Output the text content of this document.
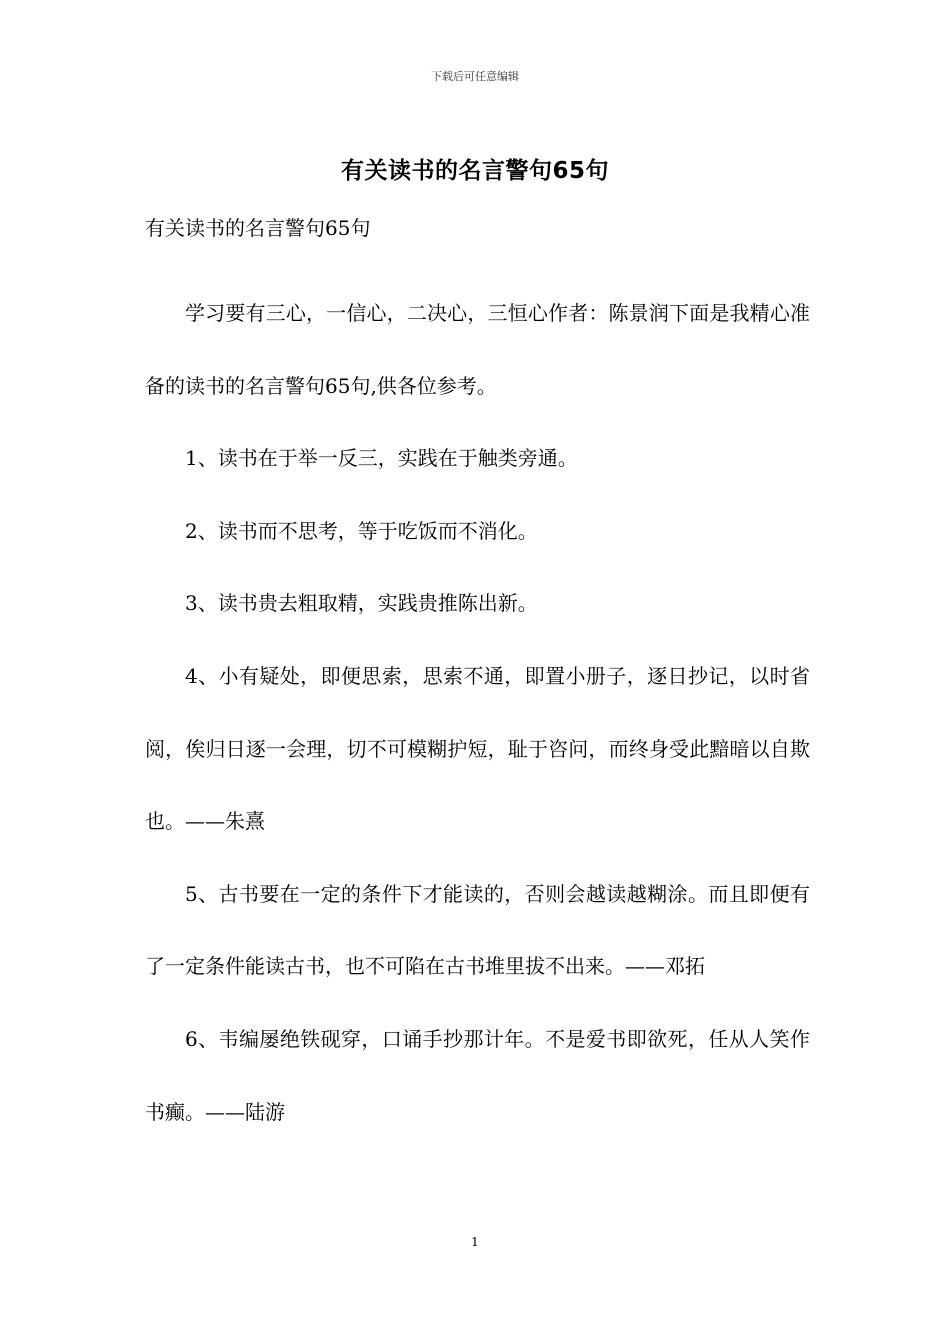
下载后可任意编辑
有关读书的名言警句65句
有关读书的名言警句65句

学习要有三心，一信心，二决心，三恒心作者：陈景润下面是我精心准备的读书的名言警句65句,供各位参考。

1、读书在于举一反三，实践在于触类旁通。

2、读书而不思考，等于吃饭而不消化。

3、读书贵去粗取精，实践贵推陈出新。

4、小有疑处，即便思索，思索不通，即置小册子，逐日抄记，以时省阅，俟归日逐一会理，切不可模糊护短，耻于咨问，而终身受此黯暗以自欺也。——朱熹

5、古书要在一定的条件下才能读的，否则会越读越糊涂。而且即便有了一定条件能读古书，也不可陷在古书堆里拔不出来。——邓拓

6、韦编屡绝铁砚穿，口诵手抄那计年。不是爱书即欲死，任从人笑作书癫。——陆游

1
